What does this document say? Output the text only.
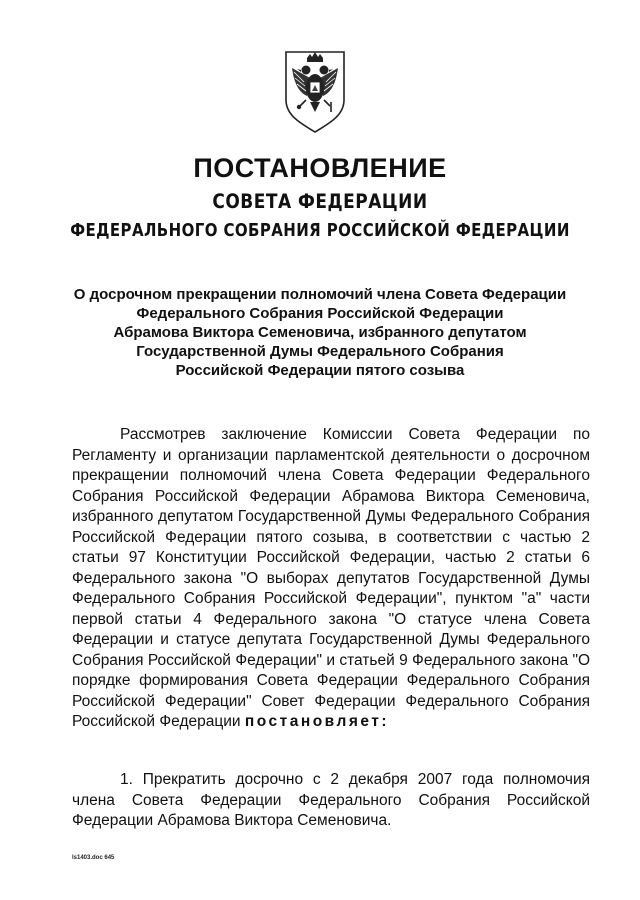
ПОСТАНОВЛЕНИЕ
СОВЕТА ФЕДЕРАЦИИ
ФЕДЕРАЛЬНОГО СОБРАНИЯ РОССИЙСКОЙ ФЕДЕРАЦИИ
О досрочном прекращении полномочий члена Совета Федерации
Федерального Собрания Российской Федерации
Абрамова Виктора Семеновича, избранного депутатом
Государственной Думы Федерального Собрания
Российской Федерации пятого созыва

Рассмотрев заключение Комиссии Совета Федерации по Регламенту и организации парламентской деятельности о досрочном прекращении полномочий члена Совета Федерации Федерального Собрания Российской Федерации Абрамова Виктора Семеновича, избранного депутатом Государственной Думы Федерального Собрания Российской Федерации пятого созыва, в соответствии с частью 2 статьи 97 Конституции Российской Федерации, частью 2 статьи 6 Федерального закона "О выборах депутатов Государственной Думы Федерального Собрания Российской Федерации", пунктом "а" части первой статьи 4 Федерального закона "О статусе члена Совета Федерации и статусе депутата Государственной Думы Федерального Собрания Российской Федерации" и статьей 9 Федерального закона "О порядке формирования Совета Федерации Федерального Собрания Российской Федерации" Совет Федерации Федерального Собрания Российской Федерации постановляет:

1. Прекратить досрочно с 2 декабря 2007 года полномочия члена Совета Федерации Федерального Собрания Российской Федерации Абрамова Виктора Семеновича.

ls1403.doc 645
